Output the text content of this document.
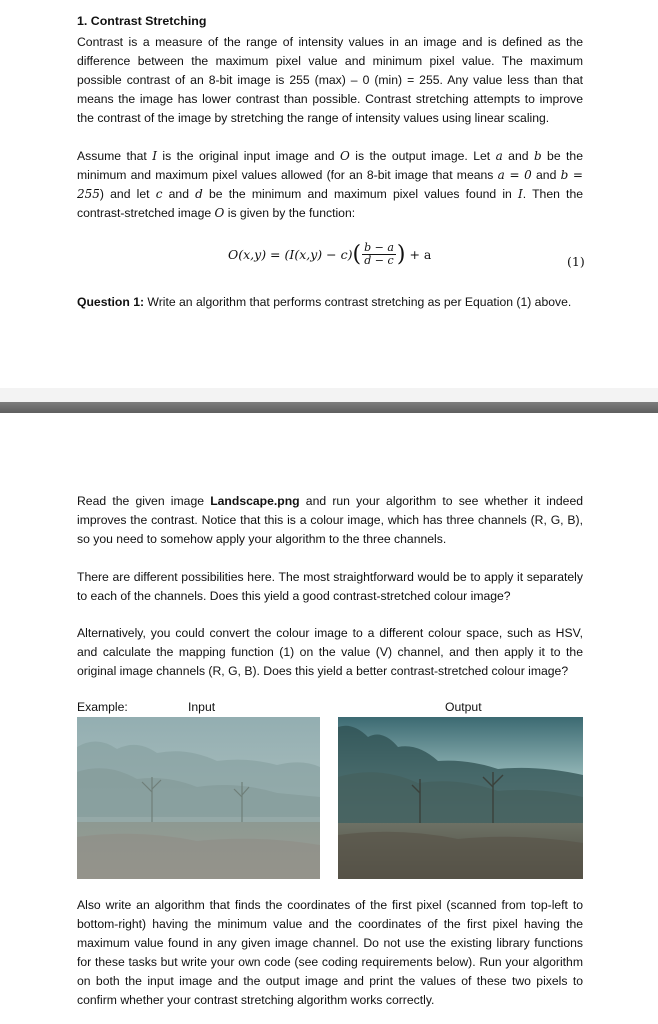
1. Contrast Stretching

Contrast is a measure of the range of intensity values in an image and is defined as the difference between the maximum pixel value and minimum pixel value. The maximum possible contrast of an 8-bit image is 255 (max) – 0 (min) = 255. Any value less than that means the image has lower contrast than possible. Contrast stretching attempts to improve the contrast of the image by stretching the range of intensity values using linear scaling.

Assume that I is the original input image and O is the output image. Let a and b be the minimum and maximum pixel values allowed (for an 8-bit image that means a = 0 and b = 255) and let c and d be the minimum and maximum pixel values found in I. Then the contrast-stretched image O is given by the function:

O(x,y) = (I(x,y) − c) ( $\frac{b - a}{d - c}$ ) + a	(1)

Question 1: Write an algorithm that performs contrast stretching as per Equation (1) above.

Read the given image Landscape.png and run your algorithm to see whether it indeed improves the contrast. Notice that this is a colour image, which has three channels (R, G, B), so you need to somehow apply your algorithm to the three channels.

There are different possibilities here. The most straightforward would be to apply it separately to each of the channels. Does this yield a good contrast-stretched colour image?

Alternatively, you could convert the colour image to a different colour space, such as HSV, and calculate the mapping function (1) on the value (V) channel, and then apply it to the original image channels (R, G, B). Does this yield a better contrast-stretched colour image?

Example:	Input	Output

Also write an algorithm that finds the coordinates of the first pixel (scanned from top-left to bottom-right) having the minimum value and the coordinates of the first pixel having the maximum value found in any given image channel. Do not use the existing library functions for these tasks but write your own code (see coding requirements below). Run your algorithm on both the input image and the output image and print the values of these two pixels to confirm whether your contrast stretching algorithm works correctly.
